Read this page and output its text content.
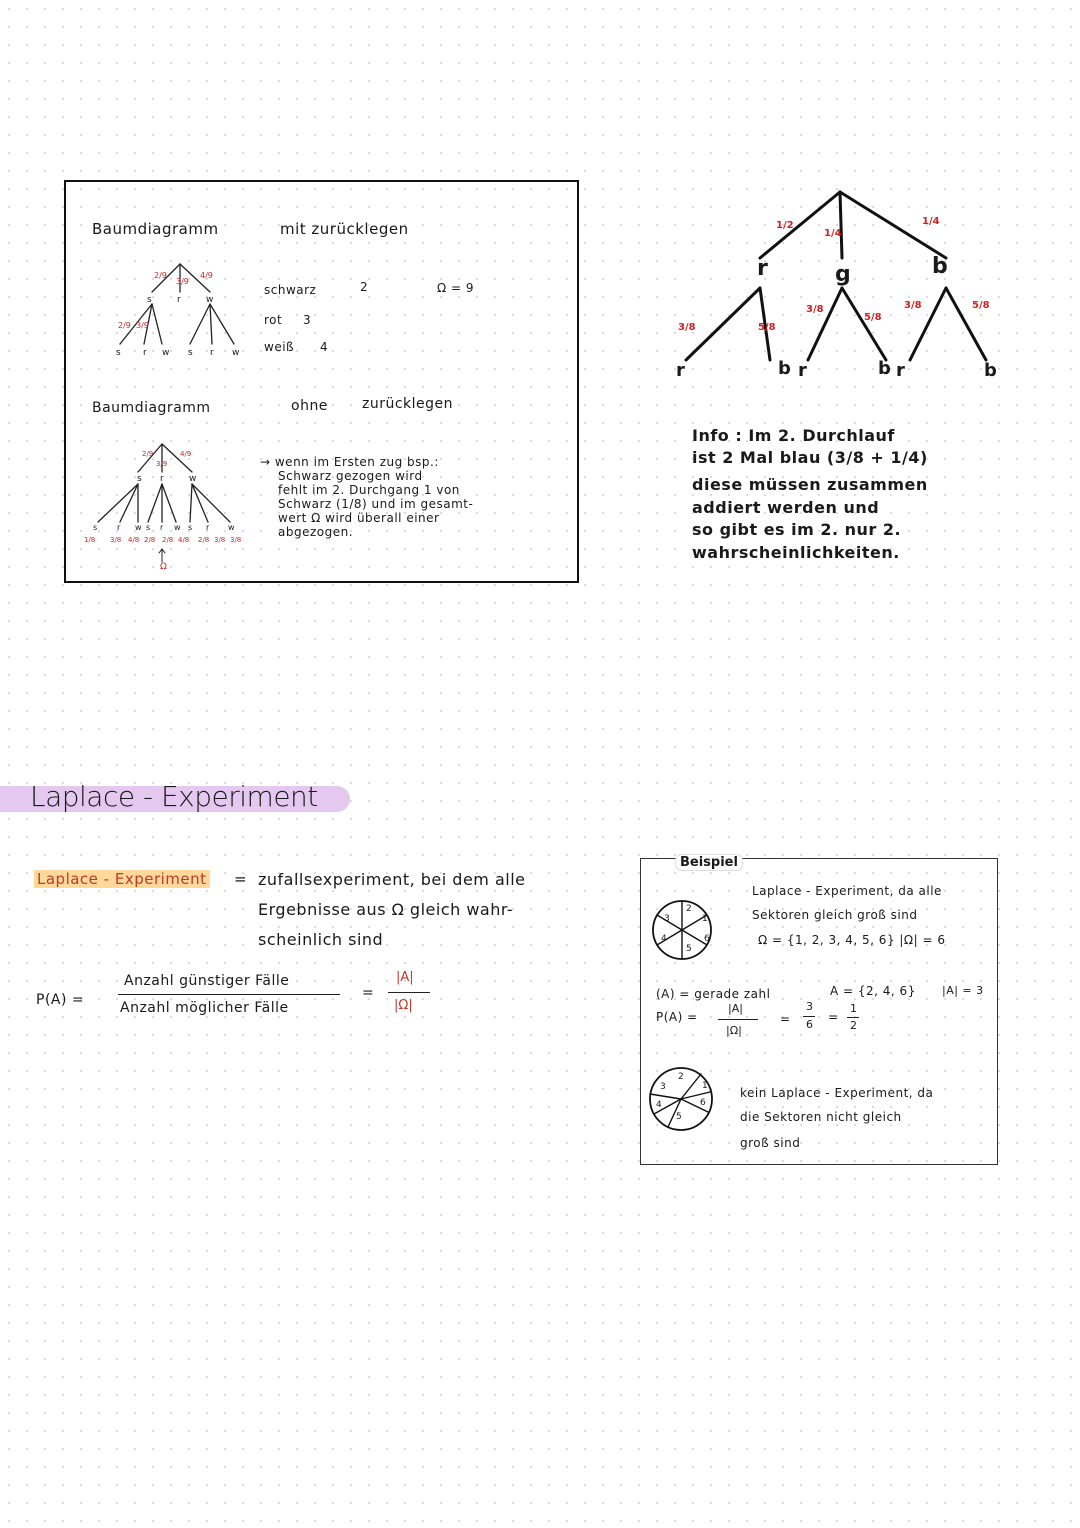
Baumdiagramm	mit zurücklegen
2/9
3/9
4/9
2/9 3/9
s	r	w
s r w s r w
schwarz	2
rot 3
weiß 4
Ω = 9
Baumdiagramm	ohne zurücklegen
2/9
3/9
4/9
1/8 3/8 4/8 2/8 2/8 4/8 2/8 3/8 3/8
s r	w
s r w s r w s r w
Ω
→ wenn im Ersten zug bsp.:
Schwarz gezogen wird
fehlt im 2. Durchgang 1 von
Schwarz (1/8) und im gesamt-
wert Ω wird überall einer
abgezogen.
1/2
1/4
1/4
3/8	5/8
3/8
5/8
3/8	5/8
r	g	b
r	b r	b r	b
Info : Im 2. Durchlauf
ist 2 Mal blau (3/8 + 1/4)
diese müssen zusammen
addiert werden und
so gibt es im 2. nur 2.
wahrscheinlichkeiten.
Laplace - Experiment
Laplace - Experiment = zufallsexperiment, bei dem alle
Ergebnisse aus Ω gleich wahr-
scheinlich sind
P(A) =
Anzahl günstiger Fälle
Anzahl möglicher Fälle
=
|A|
|Ω|
Beispiel
2
1
6
5
4
3
Laplace - Experiment, da alle
Sektoren gleich groß sind
Ω = {1, 2, 3, 4, 5, 6} |Ω| = 6
(A) = gerade zahl	A = {2, 4, 6} |A| = 3
P(A) =
|A|
|Ω|
=
3
6
=
1
2
2
1
6
5
4
3	kein Laplace - Experiment, da
die Sektoren nicht gleich
groß sind
